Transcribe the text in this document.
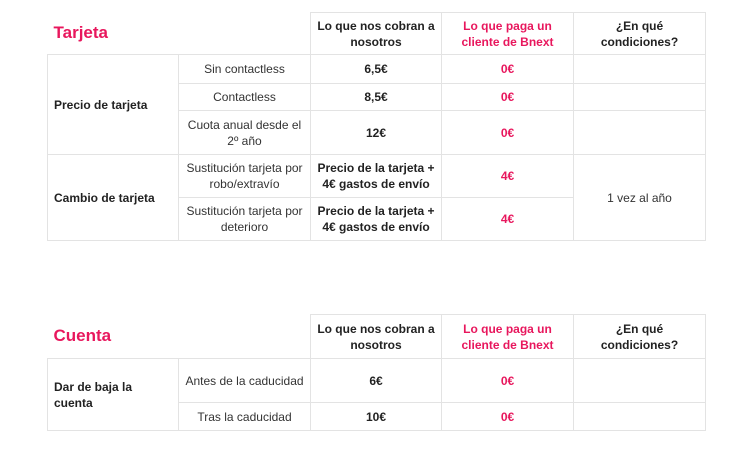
Tarjeta		Lo que nos cobran a nosotros	Lo que paga un cliente de Bnext	¿En qué condiciones?
Precio de tarjeta	Sin contactless	6,5€	0€	
	Contactless	8,5€	0€	
	Cuota anual desde el 2º año	12€	0€	
Cambio de tarjeta	Sustitución tarjeta por robo/extravío	Precio de la tarjeta + 4€ gastos de envío	4€	1 vez al año
	Sustitución tarjeta por deterioro	Precio de la tarjeta + 4€ gastos de envío	4€	
Cuenta		Lo que nos cobran a nosotros	Lo que paga un cliente de Bnext	¿En qué condiciones?
Dar de baja la cuenta	Antes de la caducidad	6€	0€	
	Tras la caducidad	10€	0€	
